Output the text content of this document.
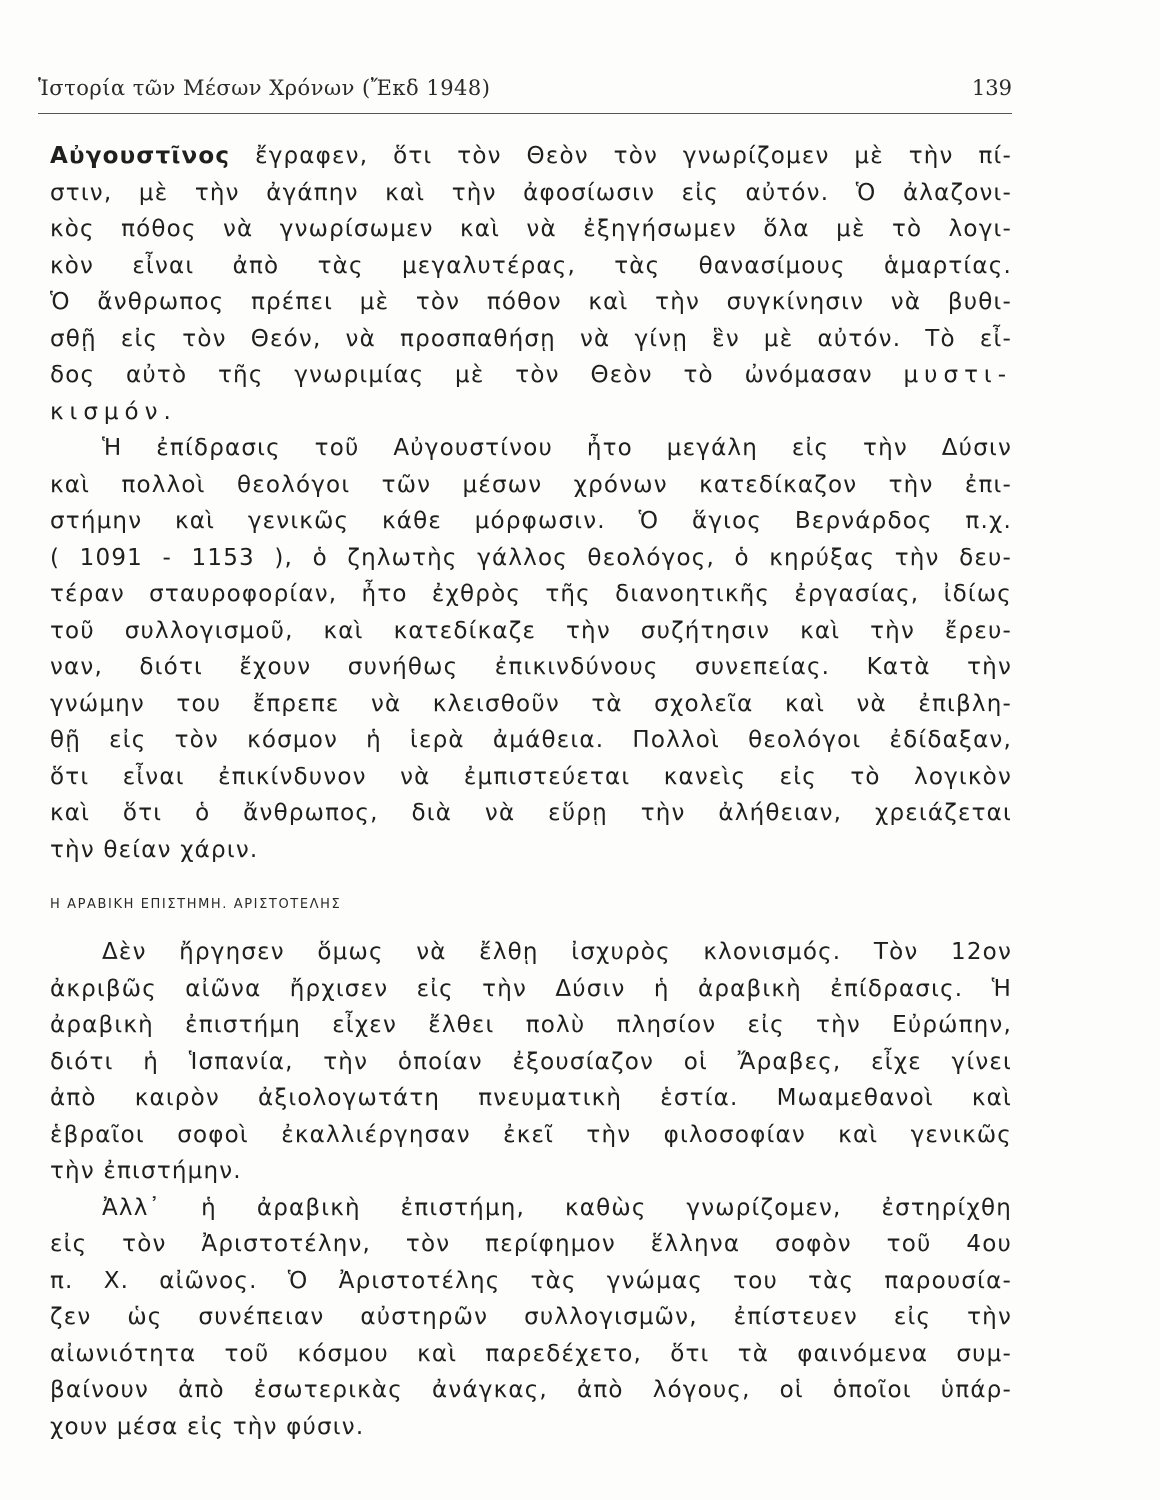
Ἱστορία τῶν Μέσων Χρόνων (Ἔκδ 1948)	139
Αὐγουστῖνος ἔγραφεν, ὅτι τὸν Θεὸν τὸν γνωρίζομεν μὲ τὴν πί-
στιν, μὲ τὴν ἀγάπην καὶ τὴν ἀφοσίωσιν εἰς αὐτόν. Ὁ ἀλαζονι-
κὸς πόθος νὰ γνωρίσωμεν καὶ νὰ ἐξηγήσωμεν ὅλα μὲ τὸ λογι-
κὸν εἶναι ἀπὸ τὰς μεγαλυτέρας, τὰς θανασίμους ἁμαρτίας.
Ὁ ἄνθρωπος πρέπει μὲ τὸν πόθον καὶ τὴν συγκίνησιν νὰ βυθι-
σθῇ εἰς τὸν Θεόν, νὰ προσπαθήσῃ νὰ γίνῃ ἓν μὲ αὐτόν. Τὸ εἶ-
δος αὐτὸ τῆς γνωριμίας μὲ τὸν Θεὸν τὸ ὠνόμασαν μυστι-
κισμόν.
Ἡ ἐπίδρασις τοῦ Αὐγουστίνου ἦτο μεγάλη εἰς τὴν Δύσιν
καὶ πολλοὶ θεολόγοι τῶν μέσων χρόνων κατεδίκαζον τὴν ἐπι-
στήμην καὶ γενικῶς κάθε μόρφωσιν. Ὁ ἅγιος Βερνάρδος π.χ.
( 1091 - 1153 ), ὁ ζηλωτὴς γάλλος θεολόγος, ὁ κηρύξας τὴν δευ-
τέραν σταυροφορίαν, ἦτο ἐχθρὸς τῆς διανοητικῆς ἐργασίας, ἰδίως
τοῦ συλλογισμοῦ, καὶ κατεδίκαζε τὴν συζήτησιν καὶ τὴν ἔρευ-
ναν, διότι ἔχουν συνήθως ἐπικινδύνους συνεπείας. Κατὰ τὴν
γνώμην του ἔπρεπε νὰ κλεισθοῦν τὰ σχολεῖα καὶ νὰ ἐπιβλη-
θῇ εἰς τὸν κόσμον ἡ ἱερὰ ἀμάθεια. Πολλοὶ θεολόγοι ἐδίδαξαν,
ὅτι εἶναι ἐπικίνδυνον νὰ ἐμπιστεύεται κανεὶς εἰς τὸ λογικὸν
καὶ ὅτι ὁ ἄνθρωπος, διὰ νὰ εὕρῃ τὴν ἀλήθειαν, χρειάζεται
τὴν θείαν χάριν.
Η ΑΡΑΒΙΚΗ ΕΠΙΣΤΗΜΗ. ΑΡΙΣΤΟΤΕΛΗΣ
Δὲν ἤργησεν ὅμως νὰ ἔλθῃ ἰσχυρὸς κλονισμός. Τὸν 12ον
ἀκριβῶς αἰῶνα ἤρχισεν εἰς τὴν Δύσιν ἡ ἀραβικὴ ἐπίδρασις. Ἡ
ἀραβικὴ ἐπιστήμη εἶχεν ἔλθει πολὺ πλησίον εἰς τὴν Εὐρώπην,
διότι ἡ Ἱσπανία, τὴν ὁποίαν ἐξουσίαζον οἱ Ἄραβες, εἶχε γίνει
ἀπὸ καιρὸν ἀξιολογωτάτη πνευματικὴ ἑστία. Μωαμεθανοὶ καὶ
ἑβραῖοι σοφοὶ ἐκαλλιέργησαν ἐκεῖ τὴν φιλοσοφίαν καὶ γενικῶς
τὴν ἐπιστήμην.
Ἀλλ᾿ ἡ ἀραβικὴ ἐπιστήμη, καθὼς γνωρίζομεν, ἐστηρίχθη
εἰς τὸν Ἀριστοτέλην, τὸν περίφημον ἕλληνα σοφὸν τοῦ 4ου
π. Χ. αἰῶνος. Ὁ Ἀριστοτέλης τὰς γνώμας του τὰς παρουσία-
ζεν ὡς συνέπειαν αὐστηρῶν συλλογισμῶν, ἐπίστευεν εἰς τὴν
αἰωνιότητα τοῦ κόσμου καὶ παρεδέχετο, ὅτι τὰ φαινόμενα συμ-
βαίνουν ἀπὸ ἐσωτερικὰς ἀνάγκας, ἀπὸ λόγους, οἱ ὁποῖοι ὑπάρ-
χουν μέσα εἰς τὴν φύσιν.
